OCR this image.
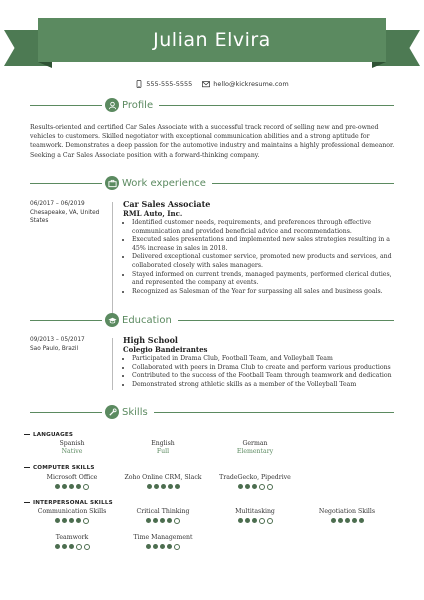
Julian Elvira
555-555-5555	hello@kickresume.com
Profile
Results-oriented and certified Car Sales Associate with a successful track record of selling new and pre-owned vehicles to customers. Skilled negotiator with exceptional communication abilities and a strong aptitude for teamwork. Demonstrates a deep passion for the automotive industry and maintains a highly professional demeanor. Seeking a Car Sales Associate position with a forward-thinking company.
Work experience
06/2017 – 06/2019
Chesapeake, VA, United States
Car Sales Associate
RML Auto, Inc.
• Identified customer needs, requirements, and preferences through effective communication and provided beneficial advice and recommendations.
• Executed sales presentations and implemented new sales strategies resulting in a 45% increase in sales in 2018.
• Delivered exceptional customer service, promoted new products and services, and collaborated closely with sales managers.
• Stayed informed on current trends, managed payments, performed clerical duties, and represented the company at events.
• Recognized as Salesman of the Year for surpassing all sales and business goals.
Education
09/2013 – 05/2017
Sao Paulo, Brazil
High School
Colegio Bandeirantes
• Participated in Drama Club, Football Team, and Volleyball Team
• Collaborated with peers in Drama Club to create and perform various productions
• Contributed to the success of the Football Team through teamwork and dedication
• Demonstrated strong athletic skills as a member of the Volleyball Team
Skills
LANGUAGES
Spanish
Native
English
Full
German
Elementary
COMPUTER SKILLS
Microsoft Office	Zoho Online CRM, Slack	TradeGecko, Pipedrive
INTERPERSONAL SKILLS
Communication Skills	Critical Thinking	Multitasking	Negotiation Skills
Teamwork	Time Management
